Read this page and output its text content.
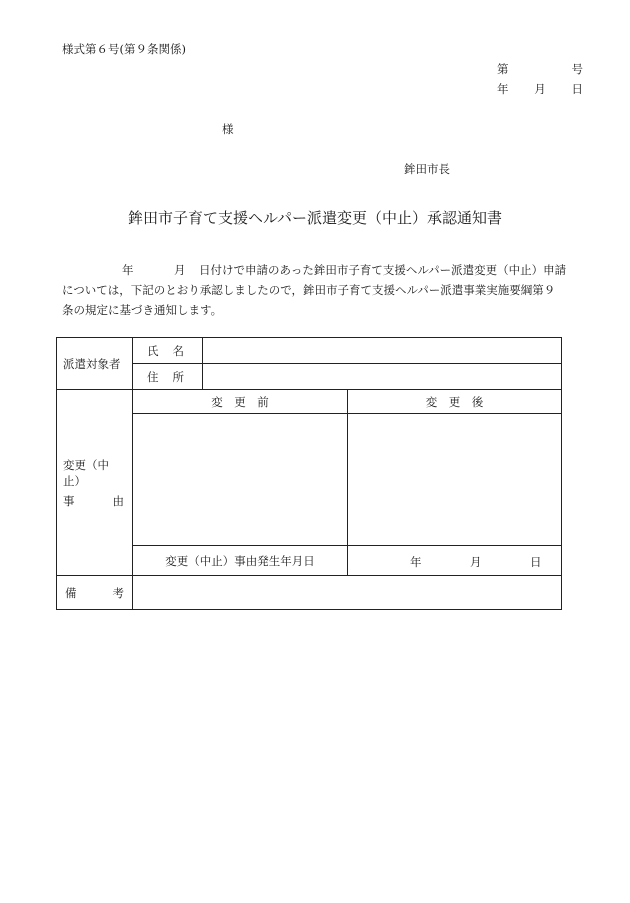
様式第６号(第９条関係)
第	号
年 月 日
様
鉾田市長
鉾田市子育て支援ヘルパー派遣変更（中止）承認通知書
年	月 日付けで申請のあった鉾田市子育て支援ヘルパー派遣変更（中止）申請
については，下記のとおり承認しましたので，鉾田市子育て支援ヘルパー派遣事業実施要綱第９
条の規定に基づき通知します。
派遣対象者	氏 名		

	住 所		

変更（中止）
事 由	変　更　前		変　更　後

	変更（中止）事由発生年月日		年 月 日

備 考			
